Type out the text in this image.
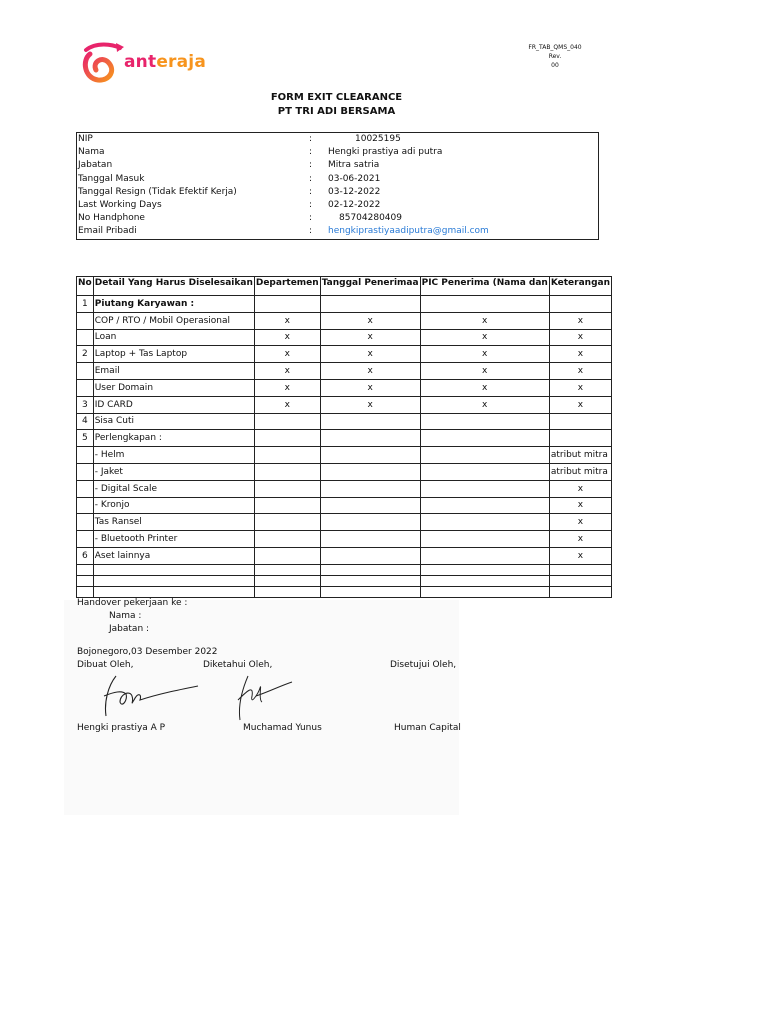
anteraja
FR_TAB_QMS_040
Rev.
00
FORM EXIT CLEARANCE
PT TRI ADI BERSAMA
NIP	:	10025195
Nama	:	Hengki prastiya adi putra
Jabatan	:	Mitra satria
Tanggal Masuk	:	03-06-2021
Tanggal Resign (Tidak Efektif Kerja)	:	03-12-2022
Last Working Days	:	02-12-2022
No Handphone	:	85704280409
Email Pribadi	:	hengkiprastiyaadiputra@gmail.com
No	Detail Yang Harus Diselesaikan	Departemen	Tanggal Penerimaa	PIC Penerima (Nama dan	Keterangan
1	Piutang Karyawan :				
	COP / RTO / Mobil Operasional	x	x	x	x
	Loan	x	x	x	x
2	Laptop + Tas Laptop	x	x	x	x
	Email	x	x	x	x
	User Domain	x	x	x	x
3	ID CARD	x	x	x	x
4	Sisa Cuti				
5	Perlengkapan :				
	- Helm				atribut mitra
	- Jaket				atribut mitra
	- Digital Scale				x
	- Kronjo				x
	Tas Ransel				x
	- Bluetooth Printer				x
6	Aset lainnya				x

Handover pekerjaan ke :
Nama :
Jabatan :
Bojonegoro,03 Desember 2022
Dibuat Oleh,	Diketahui Oleh,	Disetujui Oleh,
Hengki prastiya A P	Muchamad Yunus	Human Capital
